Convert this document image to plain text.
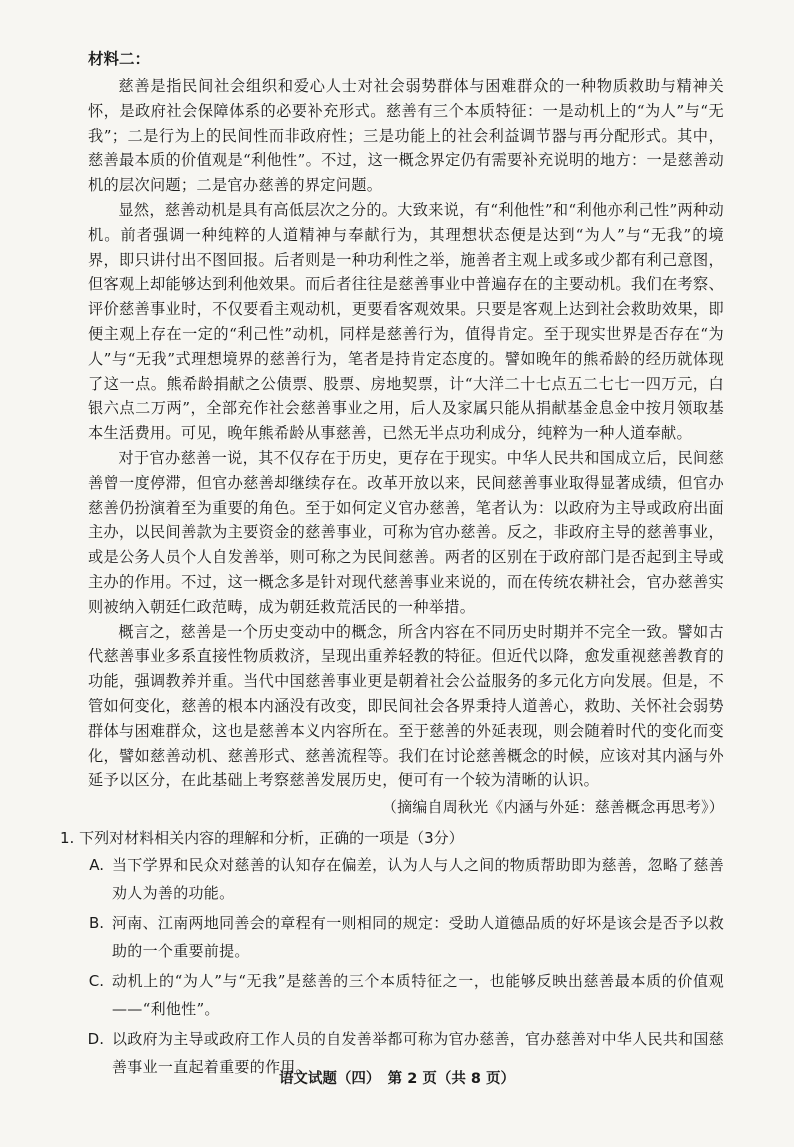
材料二：

慈善是指民间社会组织和爱心人士对社会弱势群体与困难群众的一种物质救助与精神关怀，是政府社会保障体系的必要补充形式。慈善有三个本质特征：一是动机上的“为人”与“无我”；二是行为上的民间性而非政府性；三是功能上的社会利益调节器与再分配形式。其中，慈善最本质的价值观是“利他性”。不过，这一概念界定仍有需要补充说明的地方：一是慈善动机的层次问题；二是官办慈善的界定问题。

显然，慈善动机是具有高低层次之分的。大致来说，有“利他性”和“利他亦利己性”两种动机。前者强调一种纯粹的人道精神与奉献行为，其理想状态便是达到“为人”与“无我”的境界，即只讲付出不图回报。后者则是一种功利性之举，施善者主观上或多或少都有利己意图，但客观上却能够达到利他效果。而后者往往是慈善事业中普遍存在的主要动机。我们在考察、评价慈善事业时，不仅要看主观动机，更要看客观效果。只要是客观上达到社会救助效果，即便主观上存在一定的“利己性”动机，同样是慈善行为，值得肯定。至于现实世界是否存在“为人”与“无我”式理想境界的慈善行为，笔者是持肯定态度的。譬如晚年的熊希龄的经历就体现了这一点。熊希龄捐献之公债票、股票、房地契票，计“大洋二十七点五二七七一四万元，白银六点二万两”，全部充作社会慈善事业之用，后人及家属只能从捐献基金息金中按月领取基本生活费用。可见，晚年熊希龄从事慈善，已然无半点功利成分，纯粹为一种人道奉献。

对于官办慈善一说，其不仅存在于历史，更存在于现实。中华人民共和国成立后，民间慈善曾一度停滞，但官办慈善却继续存在。改革开放以来，民间慈善事业取得显著成绩，但官办慈善仍扮演着至为重要的角色。至于如何定义官办慈善，笔者认为：以政府为主导或政府出面主办，以民间善款为主要资金的慈善事业，可称为官办慈善。反之，非政府主导的慈善事业，或是公务人员个人自发善举，则可称之为民间慈善。两者的区别在于政府部门是否起到主导或主办的作用。不过，这一概念多是针对现代慈善事业来说的，而在传统农耕社会，官办慈善实则被纳入朝廷仁政范畴，成为朝廷救荒活民的一种举措。

概言之，慈善是一个历史变动中的概念，所含内容在不同历史时期并不完全一致。譬如古代慈善事业多系直接性物质救济，呈现出重养轻教的特征。但近代以降，愈发重视慈善教育的功能，强调教养并重。当代中国慈善事业更是朝着社会公益服务的多元化方向发展。但是，不管如何变化，慈善的根本内涵没有改变，即民间社会各界秉持人道善心，救助、关怀社会弱势群体与困难群众，这也是慈善本义内容所在。至于慈善的外延表现，则会随着时代的变化而变化，譬如慈善动机、慈善形式、慈善流程等。我们在讨论慈善概念的时候，应该对其内涵与外延予以区分，在此基础上考察慈善发展历史，便可有一个较为清晰的认识。

（摘编自周秋光《内涵与外延：慈善概念再思考》）

1. 下列对材料相关内容的理解和分析，正确的一项是（3分）

A. 当下学界和民众对慈善的认知存在偏差，认为人与人之间的物质帮助即为慈善，忽略了慈善劝人为善的功能。
B. 河南、江南两地同善会的章程有一则相同的规定：受助人道德品质的好坏是该会是否予以救助的一个重要前提。
C. 动机上的“为人”与“无我”是慈善的三个本质特征之一，也能够反映出慈善最本质的价值观——“利他性”。
D. 以政府为主导或政府工作人员的自发善举都可称为官办慈善，官办慈善对中华人民共和国慈善事业一直起着重要的作用。
语文试题（四）　第 2 页（共 8 页）
